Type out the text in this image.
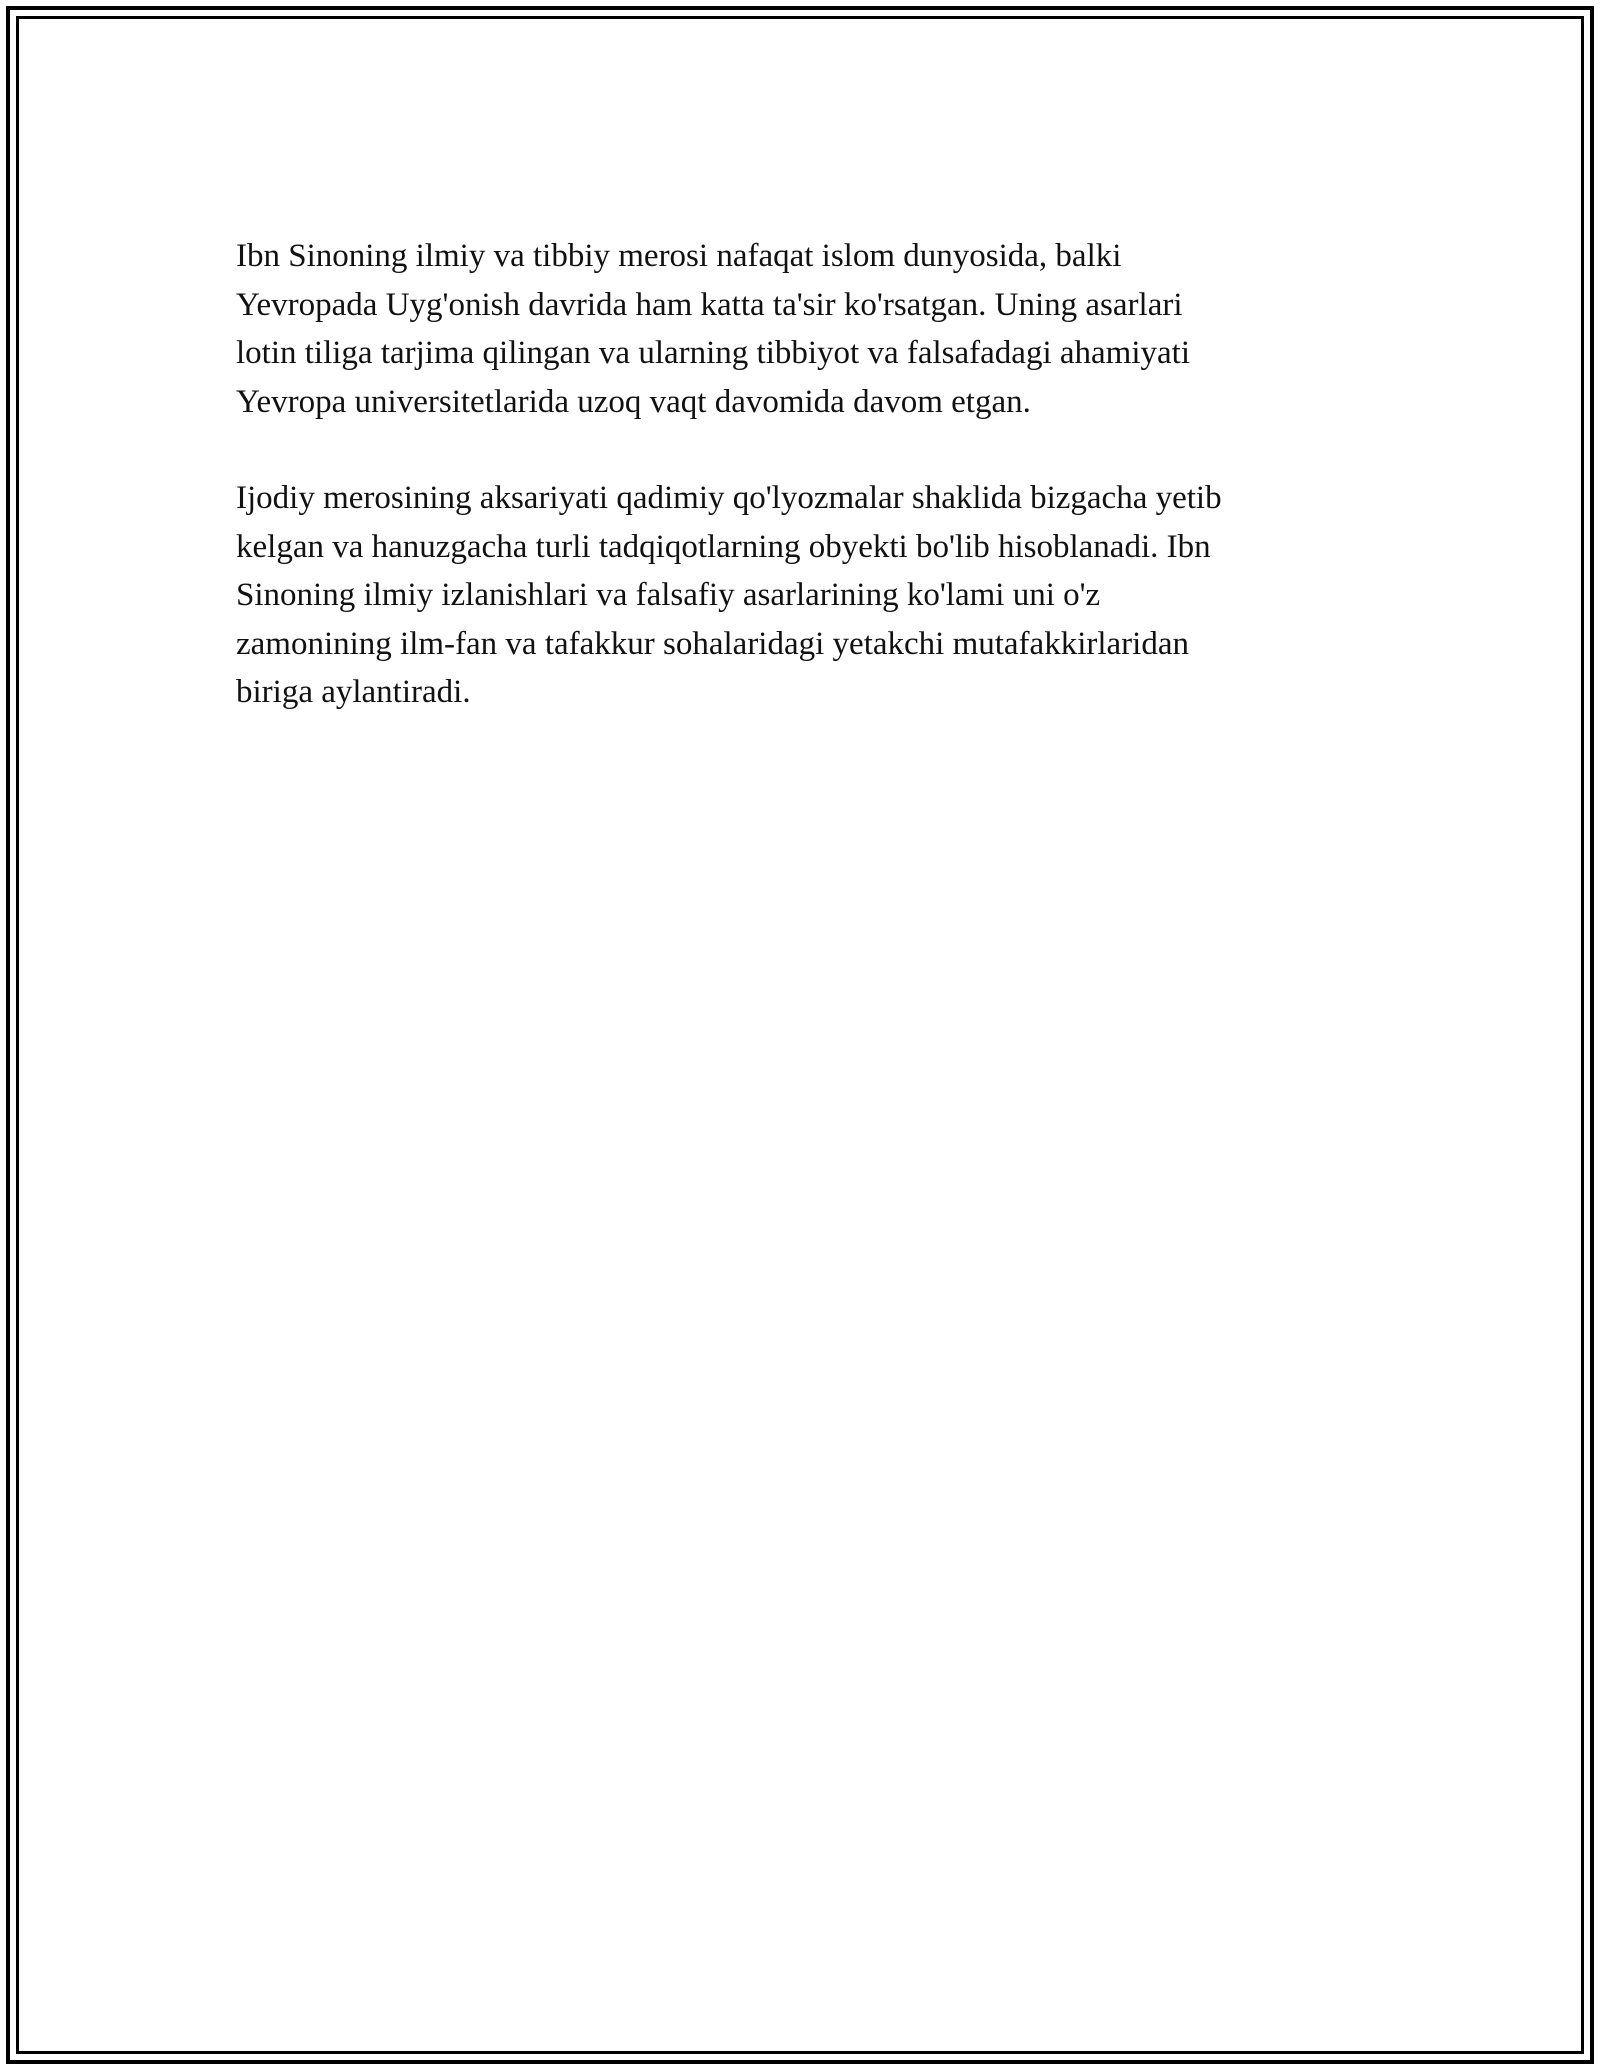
Ibn Sinoning ilmiy va tibbiy merosi nafaqat islom dunyosida, balki
Yevropada Uyg'onish davrida ham katta ta'sir ko'rsatgan. Uning asarlari
lotin tiliga tarjima qilingan va ularning tibbiyot va falsafadagi ahamiyati
Yevropa universitetlarida uzoq vaqt davomida davom etgan.

Ijodiy merosining aksariyati qadimiy qo'lyozmalar shaklida bizgacha yetib
kelgan va hanuzgacha turli tadqiqotlarning obyekti bo'lib hisoblanadi. Ibn
Sinoning ilmiy izlanishlari va falsafiy asarlarining ko'lami uni o'z
zamonining ilm-fan va tafakkur sohalaridagi yetakchi mutafakkirlaridan
biriga aylantiradi.
